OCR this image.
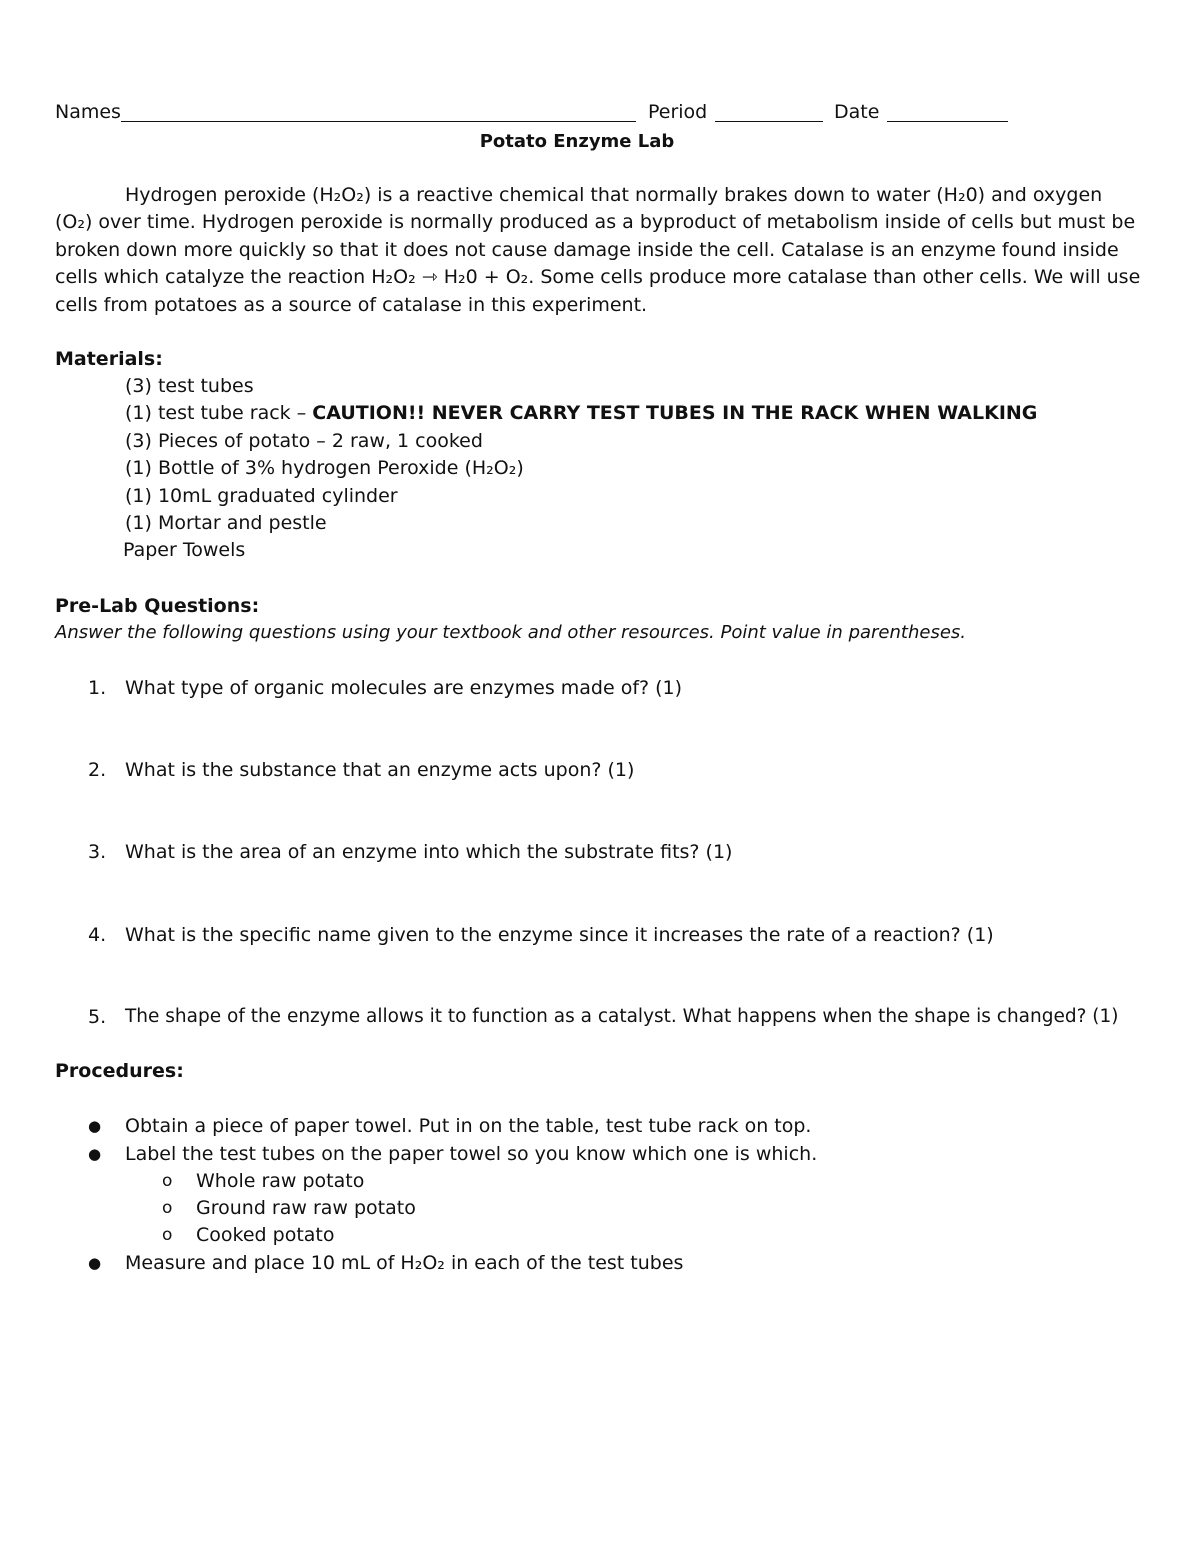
Names	Period	Date
Potato Enzyme Lab

Hydrogen peroxide (H₂O₂) is a reactive chemical that normally brakes down to water (H₂0) and oxygen

(O₂) over time. Hydrogen peroxide is normally produced as a byproduct of metabolism inside of cells but must be

broken down more quickly so that it does not cause damage inside the cell. Catalase is an enzyme found inside

cells which catalyze the reaction H₂O₂ ⇾ H₂0 + O₂. Some cells produce more catalase than other cells. We will use

cells from potatoes as a source of catalase in this experiment.

Materials:
(3) test tubes
(1) test tube rack – CAUTION!! NEVER CARRY TEST TUBES IN THE RACK WHEN WALKING
(3) Pieces of potato – 2 raw, 1 cooked
(1) Bottle of 3% hydrogen Peroxide (H₂O₂)
(1) 10mL graduated cylinder
(1) Mortar and pestle
Paper Towels
Pre-Lab Questions:
Answer the following questions using your textbook and other resources. Point value in parentheses.
1. What type of organic molecules are enzymes made of? (1)
2. What is the substance that an enzyme acts upon? (1)
3. What is the area of an enzyme into which the substrate fits? (1)
4. What is the specific name given to the enzyme since it increases the rate of a reaction? (1)
5. The shape of the enzyme allows it to function as a catalyst. What happens when the shape is changed? (1)
Procedures:
● Obtain a piece of paper towel. Put in on the table, test tube rack on top.
● Label the test tubes on the paper towel so you know which one is which.
o Whole raw potato
o Ground raw raw potato
o Cooked potato
● Measure and place 10 mL of H₂O₂ in each of the test tubes
